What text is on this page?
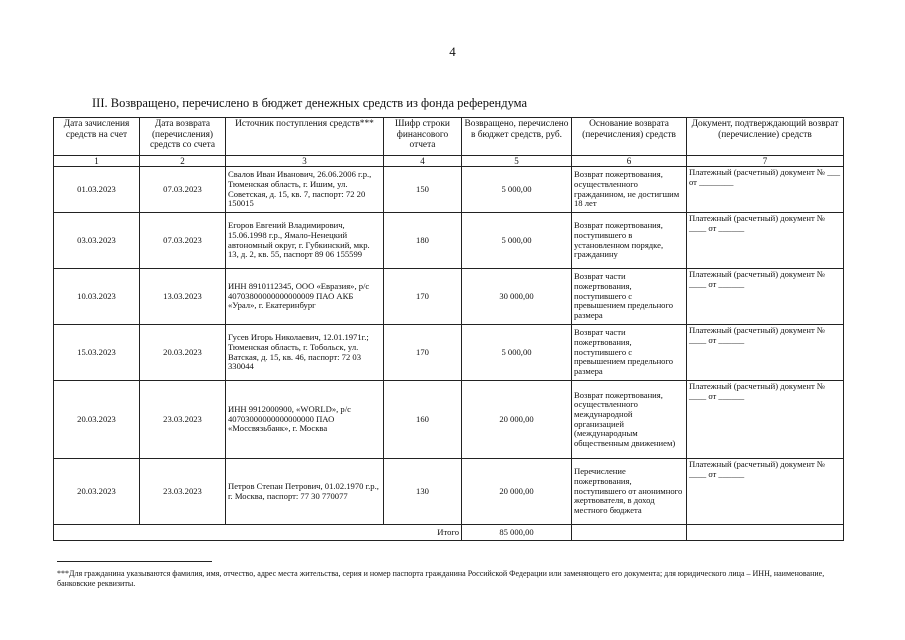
4
III. Возвращено, перечислено в бюджет денежных средств из фонда референдума
Дата зачисления средств на счет	Дата возврата (перечисления) средств со счета	Источник поступления средств***	Шифр строки финансового отчета	Возвращено, перечислено в бюджет средств, руб.	Основание возврата (перечисления) средств	Документ, подтверждающий возврат (перечисление) средств
1	2	3	4	5	6	7
01.03.2023	07.03.2023	Свалов Иван Иванович, 26.06.2006 г.р., Тюменская область, г. Ишим, ул. Советская, д. 15, кв. 7, паспорт: 72 20 150015	150	5 000,00	Возврат пожертвования, осуществленного гражданином, не достигшим 18 лет	Платежный (расчетный) документ № ___ от ________
03.03.2023	07.03.2023	Егоров Евгений Владимирович, 15.06.1998 г.р., Ямало-Ненецкий автономный округ, г. Губкинский, мкр. 13, д. 2, кв. 55, паспорт 89 06 155599	180	5 000,00	Возврат пожертвования, поступившего в установленном порядке, гражданину	Платежный (расчетный) документ № ____ от ______
10.03.2023	13.03.2023	ИНН 8910112345, ООО «Евразия», р/с 40703800000000000009 ПАО АКБ «Урал», г. Екатеринбург	170	30 000,00	Возврат части пожертвования, поступившего с превышением предельного размера	Платежный (расчетный) документ № ____ от ______
15.03.2023	20.03.2023	Гусев Игорь Николаевич, 12.01.1971г.; Тюменская область, г. Тобольск, ул. Ватская, д. 15, кв. 46, паспорт: 72 03 330044	170	5 000,00	Возврат части пожертвования, поступившего с превышением предельного размера	Платежный (расчетный) документ № ____ от ______
20.03.2023	23.03.2023	ИНН 9912000900, «WORLD», р/с 40703000000000000000 ПАО «Моссвязьбанк», г. Москва	160	20 000,00	Возврат пожертвования, осуществленного международной организацией (международным общественным движением)	Платежный (расчетный) документ № ____ от ______
20.03.2023	23.03.2023	Петров Степан Петрович, 01.02.1970 г.р., г. Москва, паспорт: 77 30 770077	130	20 000,00	Перечисление пожертвования, поступившего от анонимного жертвователя, в доход местного бюджета	Платежный (расчетный) документ № ____ от ______
Итого				85 000,00		
***Для гражданина указываются фамилия, имя, отчество, адрес места жительства, серия и номер паспорта гражданина Российской Федерации или заменяющего его документа; для юридического лица – ИНН, наименование, банковские реквизиты.
